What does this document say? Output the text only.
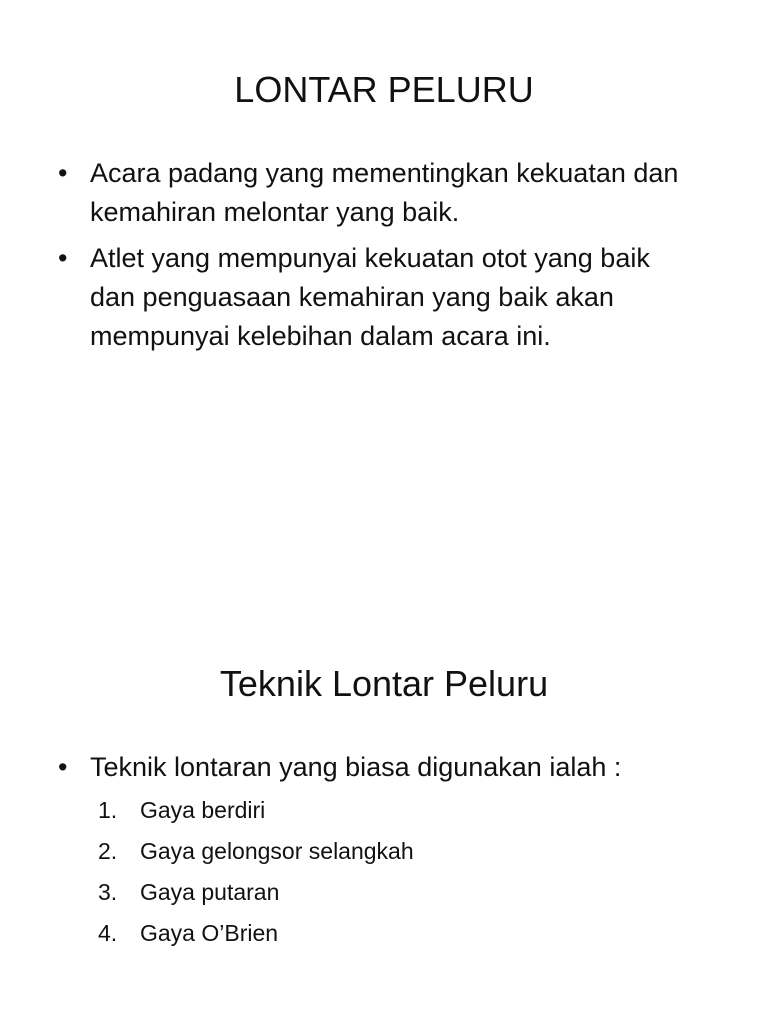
LONTAR PELURU
• Acara padang yang mementingkan kekuatan dan kemahiran melontar yang baik.
• Atlet yang mempunyai kekuatan otot yang baik dan penguasaan kemahiran yang baik akan mempunyai kelebihan dalam acara ini.
Teknik Lontar Peluru
• Teknik lontaran yang biasa digunakan ialah :
1. Gaya berdiri
2. Gaya gelongsor selangkah
3. Gaya putaran
4. Gaya O’Brien
